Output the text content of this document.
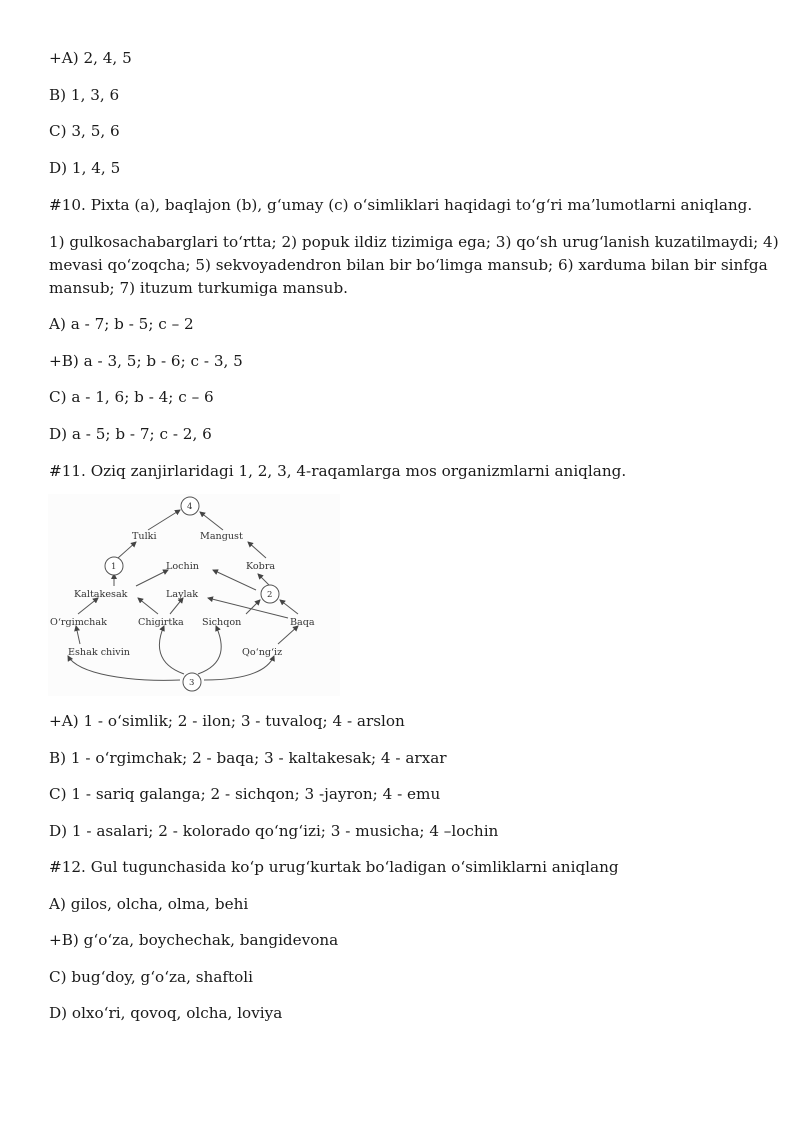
+A) 2, 4, 5
B) 1, 3, 6
C) 3, 5, 6
D) 1, 4, 5
#10. Pixta (a), baqlajon (b), g‘umay (c) o‘simliklari haqidagi to‘g‘ri ma’lumotlarni aniqlang.
1) gulkosachabarglari to‘rtta; 2) popuk ildiz tizimiga ega; 3) qo‘sh urug‘lanish kuzatilmaydi; 4)
mevasi qo‘zoqcha; 5) sekvoyadendron bilan bir bo‘limga mansub; 6) xarduma bilan bir sinfga
mansub; 7) ituzum turkumiga mansub.
A) a - 7; b - 5; c – 2
+B) a - 3, 5; b - 6; c - 3, 5
C) a - 1, 6; b - 4; c – 6
D) a - 5; b - 7; c - 2, 6
#11. Oziq zanjirlaridagi 1, 2, 3, 4-raqamlarga mos organizmlarni aniqlang.
4
1
2
3
Tulki	Mangust
Lochin	Kobra
Kaltakesak	Laylak
O‘rgimchak	Chigirtka Sichqon	Baqa
Eshak chivin	Qo‘ng‘iz
+A) 1 - o‘simlik; 2 - ilon; 3 - tuvaloq; 4 - arslon
B) 1 - o‘rgimchak; 2 - baqa; 3 - kaltakesak; 4 - arxar
C) 1 - sariq galanga; 2 - sichqon; 3 -jayron; 4 - emu
D) 1 - asalari; 2 - kolorado qo‘ng‘izi; 3 - musicha; 4 –lochin
#12. Gul tugunchasida ko‘p urug‘kurtak bo‘ladigan o‘simliklarni aniqlang
A) gilos, olcha, olma, behi
+B) g‘o‘za, boychechak, bangidevona
C) bug‘doy, g‘o‘za, shaftoli
D) olxo‘ri, qovoq, olcha, loviya
